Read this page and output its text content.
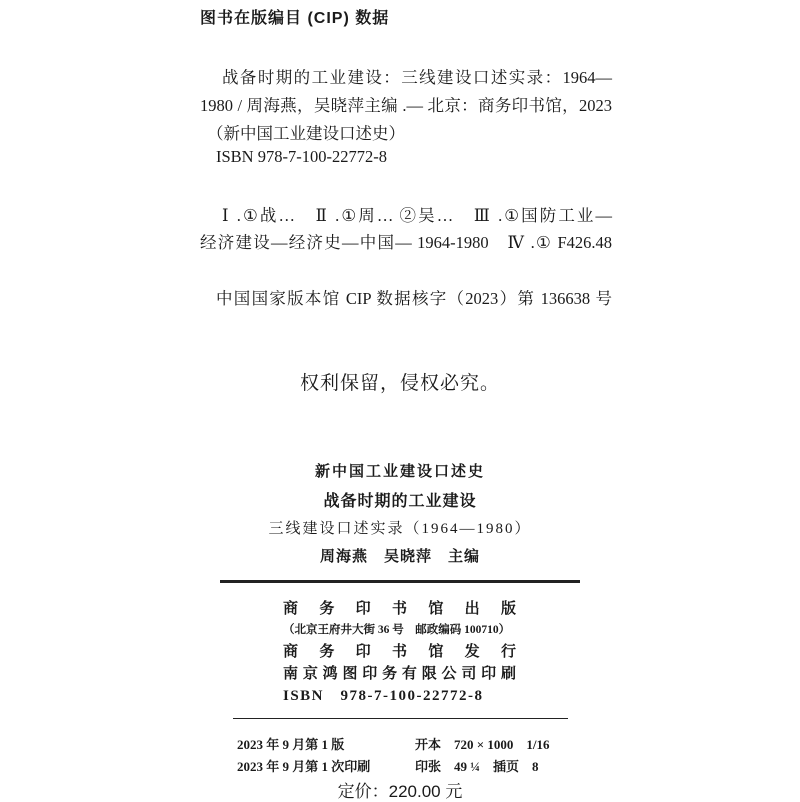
图书在版编目 (CIP) 数据
战备时期的工业建设：三线建设口述实录：1964—
1980 / 周海燕，吴晓萍主编 .— 北京：商务印书馆，2023
（新中国工业建设口述史）
ISBN 978-7-100-22772-8
Ⅰ .①战…　Ⅱ .①周… ②吴…　Ⅲ .①国防工业—
经济建设—经济史—中国— 1964-1980　Ⅳ .① F426.48
中国国家版本馆 CIP 数据核字（2023）第 136638 号
权利保留，侵权必究。
新中国工业建设口述史
战备时期的工业建设
三线建设口述实录（1964—1980）
周海燕　吴晓萍　主编
商务印书馆出版
（北京王府井大街 36 号　邮政编码 100710）
商务印书馆发行
南京鸿图印务有限公司印刷
ISBN　978-7-100-22772-8
2023 年 9 月第 1 版
2023 年 9 月第 1 次印刷
开本　720 × 1000　1/16
印张　49 ¼　插页　8
定价：220.00 元
